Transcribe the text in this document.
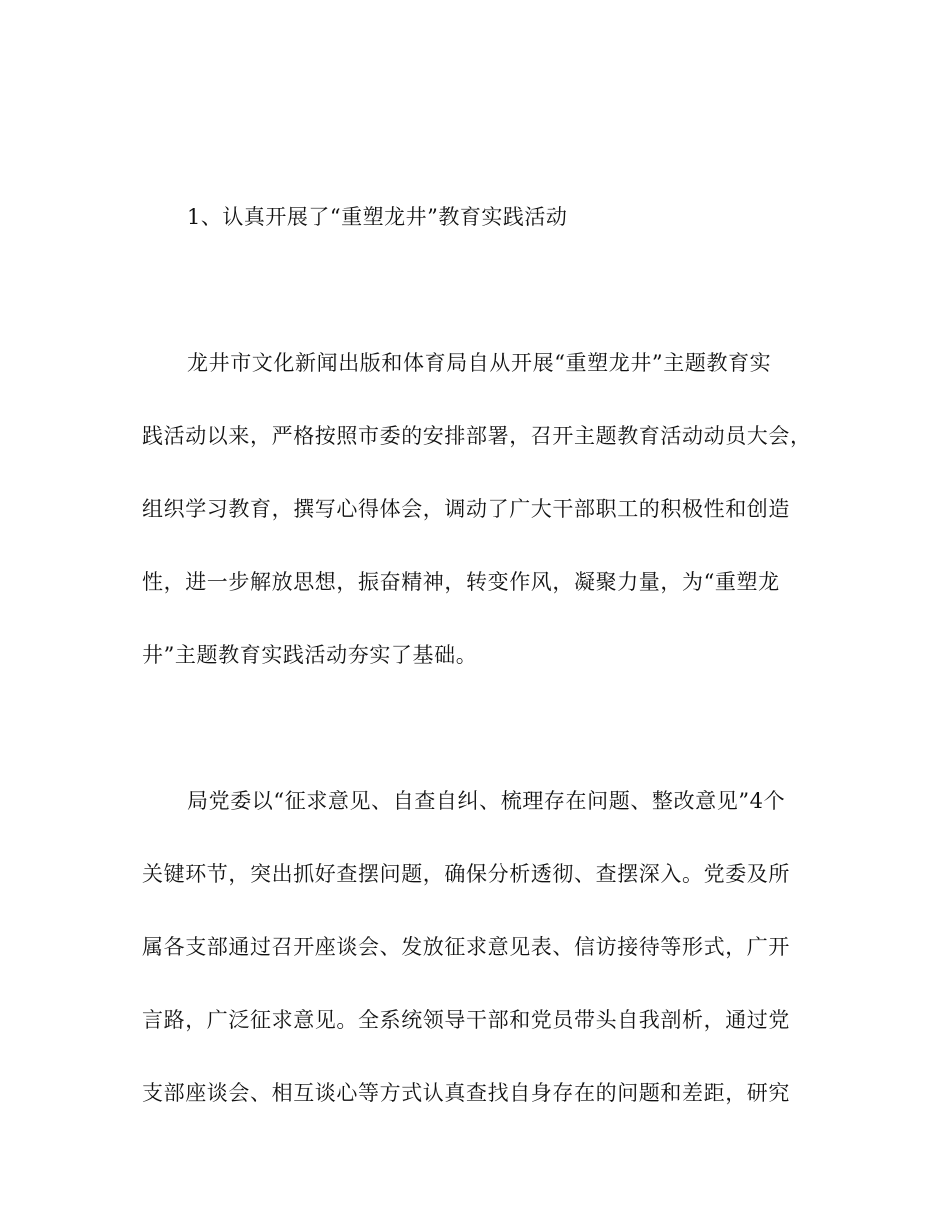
1、认真开展了“重塑龙井”教育实践活动
龙井市文化新闻出版和体育局自从开展“重塑龙井”主题教育实
践活动以来，严格按照市委的安排部署，召开主题教育活动动员大会，
组织学习教育，撰写心得体会，调动了广大干部职工的积极性和创造
性，进一步解放思想，振奋精神，转变作风，凝聚力量，为“重塑龙
井”主题教育实践活动夯实了基础。
局党委以“征求意见、自查自纠、梳理存在问题、整改意见”4个
关键环节，突出抓好查摆问题，确保分析透彻、查摆深入。党委及所
属各支部通过召开座谈会、发放征求意见表、信访接待等形式，广开
言路，广泛征求意见。全系统领导干部和党员带头自我剖析，通过党
支部座谈会、相互谈心等方式认真查找自身存在的问题和差距，研究
